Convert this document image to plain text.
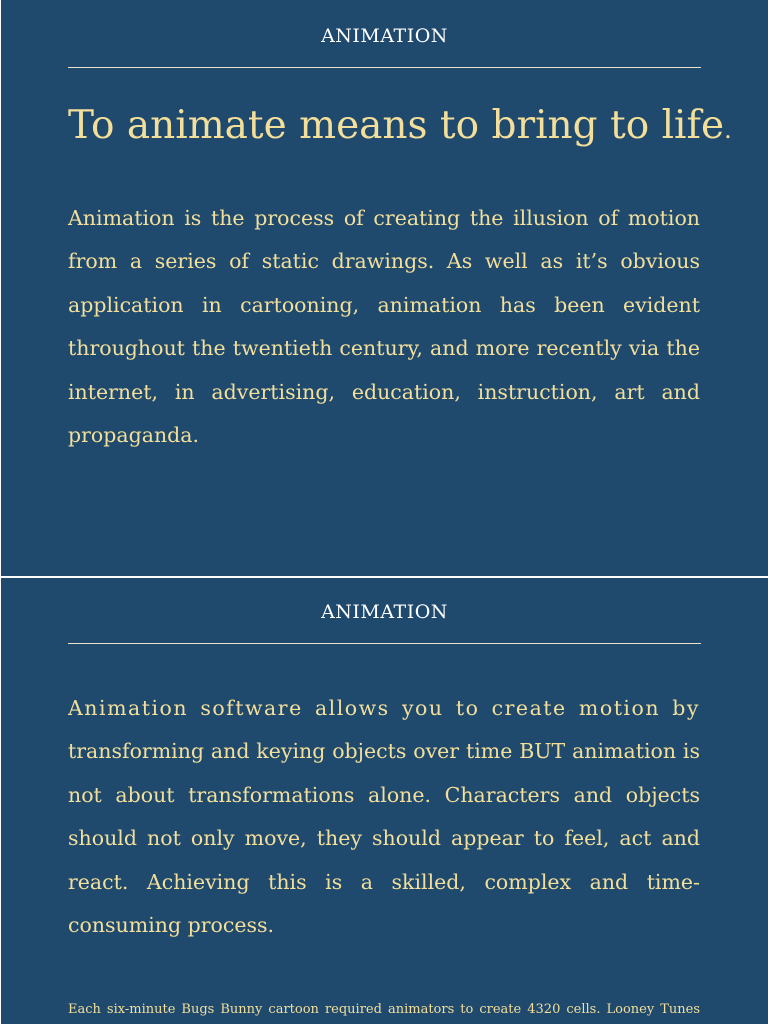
ANIMATION
To animate means to bring to life.

Animation is the process of creating the illusion of motion from a series of static drawings. As well as it’s obvious application in cartooning, animation has been evident throughout the twentieth century, and more recently via the internet, in advertising, education, instruction, art and propaganda.

ANIMATION

Animation software allows you to create motion by transforming and keying objects over time BUT animation is not about transformations alone. Characters and objects should not only move, they should appear to feel, act and react. Achieving this is a skilled, complex and time-consuming process.

Each six-minute Bugs Bunny cartoon required animators to create 4320 cells. Looney Tunes
